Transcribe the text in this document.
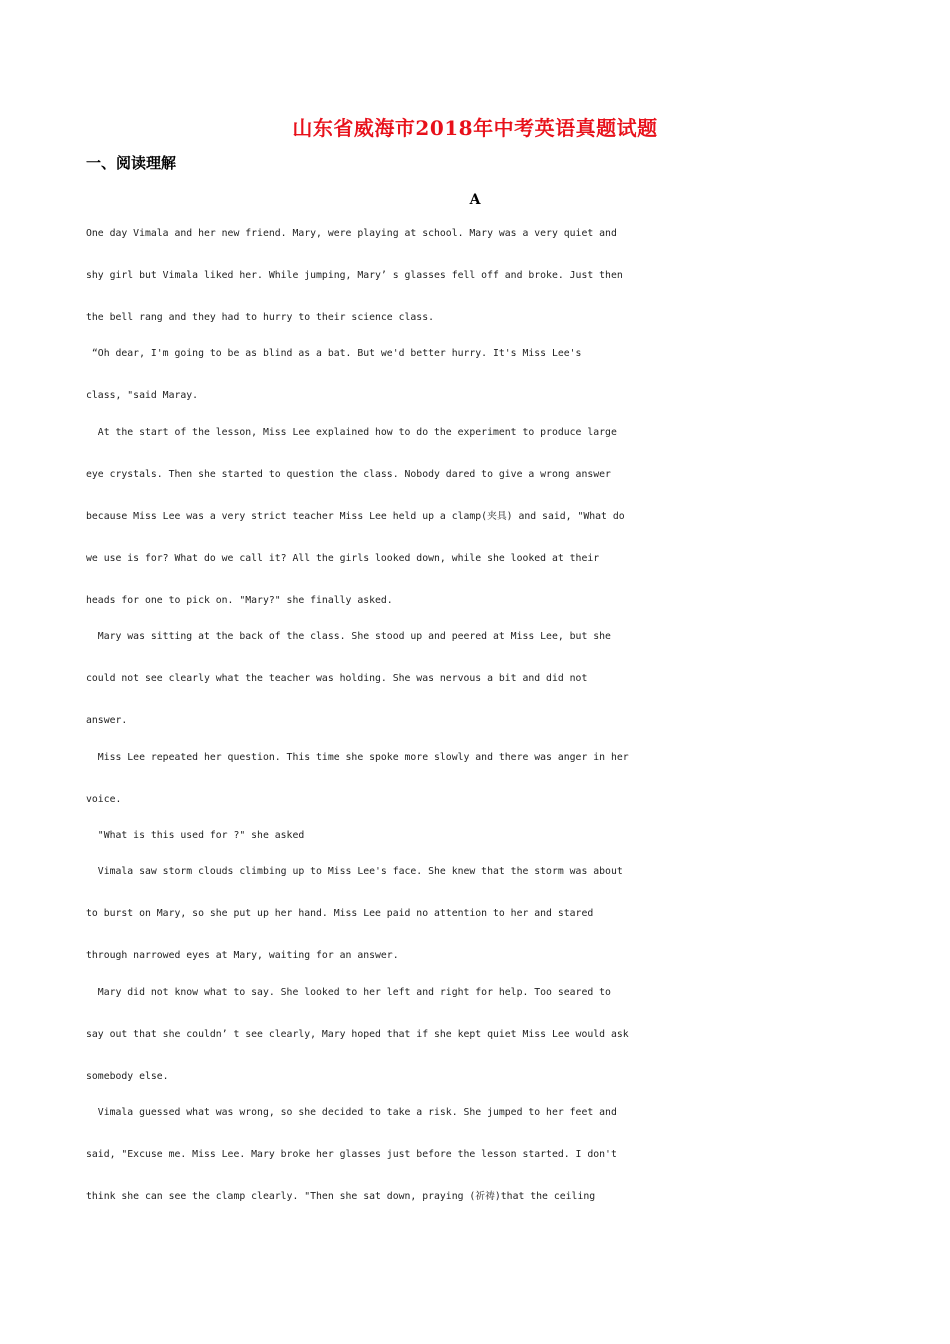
山东省威海市2018年中考英语真题试题
一、阅读理解
A
One day Vimala and her new friend. Mary, were playing at school. Mary was a very quiet and
shy girl but Vimala liked her. While jumping, Mary’ s glasses fell off and broke. Just then
the bell rang and they had to hurry to their science class.
“Oh dear, I'm going to be as blind as a bat. But we'd better hurry. It's Miss Lee's
class, "said Maray.
At the start of the lesson, Miss Lee explained how to do the experiment to produce large
eye crystals. Then she started to question the class. Nobody dared to give a wrong answer
because Miss Lee was a very strict teacher Miss Lee held up a clamp(夹具) and said, "What do
we use is for? What do we call it? All the girls looked down, while she looked at their
heads for one to pick on. "Mary?" she finally asked.
Mary was sitting at the back of the class. She stood up and peered at Miss Lee, but she
could not see clearly what the teacher was holding. She was nervous a bit and did not
answer.
Miss Lee repeated her question. This time she spoke more slowly and there was anger in her
voice.
"What is this used for ?" she asked
Vimala saw storm clouds climbing up to Miss Lee's face. She knew that the storm was about
to burst on Mary, so she put up her hand. Miss Lee paid no attention to her and stared
through narrowed eyes at Mary, waiting for an answer.
Mary did not know what to say. She looked to her left and right for help. Too seared to
say out that she couldn’ t see clearly, Mary hoped that if she kept quiet Miss Lee would ask
somebody else.
Vimala guessed what was wrong, so she decided to take a risk. She jumped to her feet and
said, "Excuse me. Miss Lee. Mary broke her glasses just before the lesson started. I don't
think she can see the clamp clearly. "Then she sat down, praying (祈祷)that the ceiling
